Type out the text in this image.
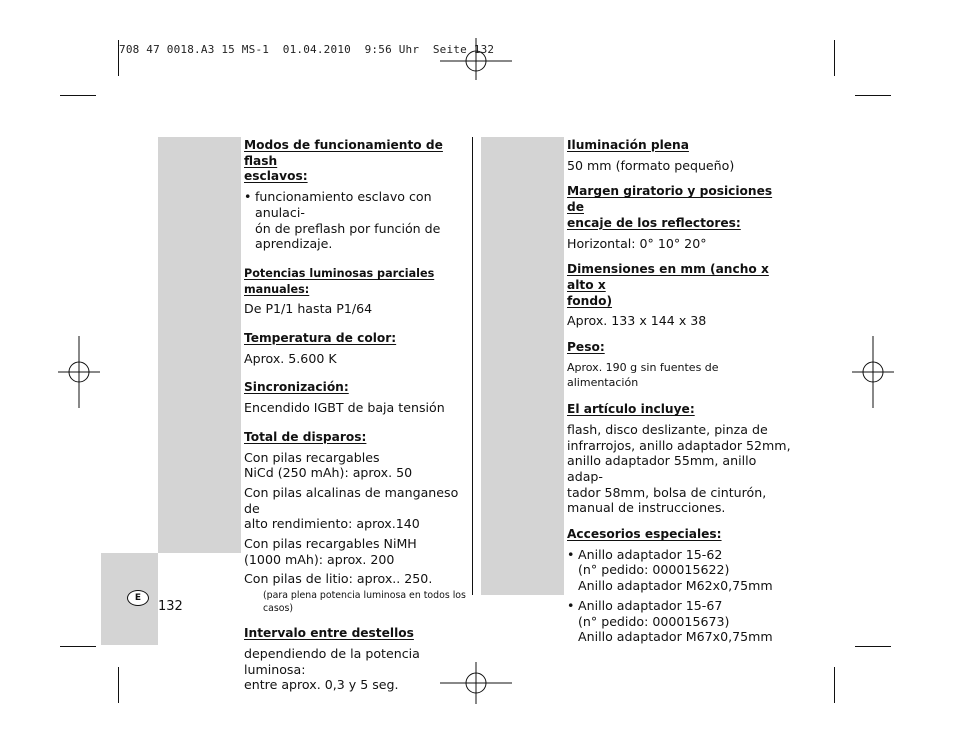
708 47 0018.A3 15 MS-1  01.04.2010  9:56 Uhr  Seite 132

Modos de funcionamiento de flash

esclavos:

• funcionamiento esclavo con anulaci-

ón de preflash por función de

aprendizaje.

Potencias luminosas parciales manuales:

De P1/1 hasta P1/64

Temperatura de color:

Aprox. 5.600 K

Sincronización:

Encendido IGBT de baja tensión

Total de disparos:

Con pilas recargables

NiCd (250 mAh): aprox. 50

Con pilas alcalinas de manganeso de

alto rendimiento: aprox.140

Con pilas recargables NiMH

(1000 mAh): aprox. 200

Con pilas de litio: aprox.. 250.

(para plena potencia luminosa en todos los casos)

Intervalo entre destellos

dependiendo de la potencia luminosa:

entre aprox. 0,3 y 5 seg.

Iluminación plena

50 mm (formato pequeño)

Margen giratorio y posiciones de

encaje de los reflectores:

Horizontal: 0° 10° 20°

Dimensiones en mm (ancho x alto x

fondo)

Aprox. 133 x 144 x 38

Peso:

Aprox. 190 g sin fuentes de alimentación

El artículo incluye:

flash, disco deslizante, pinza de

infrarrojos, anillo adaptador 52mm,

anillo adaptador 55mm, anillo adap-

tador 58mm, bolsa de cinturón,

manual de instrucciones.

Accesorios especiales:

• Anillo adaptador 15-62

(n° pedido: 000015622)

Anillo adaptador M62x0,75mm

• Anillo adaptador 15-67

(n° pedido: 000015673)

Anillo adaptador M67x0,75mm

E
132
